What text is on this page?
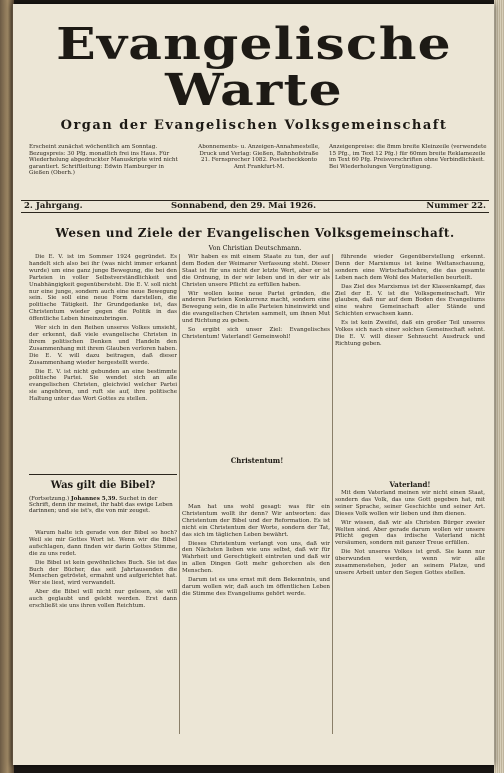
Evangelische Warte
Organ der Evangelischen Volksgemeinschaft
Erscheint zunächst wöchentlich am Sonntag. Bezugspreis: 30 Pfg. monatlich frei ins Haus. Für Wiederholung abgedruckter Manuskripte wird nicht garantiert. Schriftleitung: Edwin Hamburger in Gießen (Oberh.)
Abonnements- u. Anzeigen-Annahmestelle, Druck und Verlag: Gießen, Bahnhofstraße 21. Fernsprecher 1082. Postscheckkonto Amt Frankfurt-M.
Anzeigenpreise: die 8mm breite Kleinzeile (verwendete 15 Pfg., im Text 12 Pfg.) für 60mm breite Reklamezeile im Text 60 Pfg. Preisvorschriften ohne Verbindlichkeit. Bei Wiederholungen Vergünstigung.
2. Jahrgang.	Sonnabend, den 29. Mai 1926.	Nummer 22.
Wesen und Ziele der Evangelischen Volksgemeinschaft.
Von Christian Deutschmann.

Die E. V. ist im Sommer 1924 gegründet. Es handelt sich also bei ihr (was nicht immer erkannt wurde) um eine ganz junge Bewegung, die bei den Parteien in voller Selbstverständlichkeit und Unabhängigkeit gegenübersteht. Die E. V. soll nicht nur eine junge, sondern auch eine neue Bewegung sein. Sie soll eine neue Form darstellen, die politische Tätigkeit. Ihr Grundgedanke ist, das Christentum wieder gegen die Politik in das öffentliche Leben hineinzubringen.

Wer sich in den Reihen unseres Volkes umsieht, der erkennt, daß viele evangelische Christen in ihrem politischen Denken und Handeln den Zusammenhang mit ihrem Glauben verloren haben. Die E. V. will dazu beitragen, daß dieser Zusammenhang wieder hergestellt werde.

Die E. V. ist nicht gebunden an eine bestimmte politische Partei. Sie wendet sich an alle evangelischen Christen, gleichviel welcher Partei sie angehören, und ruft sie auf, ihre politische Haltung unter das Wort Gottes zu stellen.

Wir haben es mit einem Staate zu tun, der auf dem Boden der Weimarer Verfassung steht. Dieser Staat ist für uns nicht der letzte Wert, aber er ist die Ordnung, in der wir leben und in der wir als Christen unsere Pflicht zu erfüllen haben.

Wir wollen keine neue Partei gründen, die anderen Parteien Konkurrenz macht, sondern eine Bewegung sein, die in alle Parteien hineinwirkt und die evangelischen Christen sammelt, um ihnen Mut und Richtung zu geben.

So ergibt sich unser Ziel: Evangelisches Christentum! Vaterland! Gemeinwohl!

Christentum!

Man hat uns wohl gesagt: was für ein Christentum wollt ihr denn? Wir antworten: das Christentum der Bibel und der Reformation. Es ist nicht ein Christentum der Worte, sondern der Tat, das sich im täglichen Leben bewährt.

Dieses Christentum verlangt von uns, daß wir den Nächsten lieben wie uns selbst, daß wir für Wahrheit und Gerechtigkeit eintreten und daß wir in allen Dingen Gott mehr gehorchen als den Menschen.

Darum ist es uns ernst mit dem Bekenntnis, und darum wollen wir, daß auch im öffentlichen Leben die Stimme des Evangeliums gehört werde.

führende wieder Gegenüberstellung erkennt. Denn der Marxismus ist keine Weltanschauung, sondern eine Wirtschaftslehre, die das gesamte Leben nach dem Wohl des Materiellen beurteilt.

Das Ziel des Marxismus ist der Klassenkampf, das Ziel der E. V. ist die Volksgemeinschaft. Wir glauben, daß nur auf dem Boden des Evangeliums eine wahre Gemeinschaft aller Stände und Schichten erwachsen kann.

Es ist kein Zweifel, daß ein großer Teil unseres Volkes sich nach einer solchen Gemeinschaft sehnt. Die E. V. will dieser Sehnsucht Ausdruck und Richtung geben.

Vaterland!

Mit dem Vaterland meinen wir nicht einen Staat, sondern das Volk, das uns Gott gegeben hat, mit seiner Sprache, seiner Geschichte und seiner Art. Dieses Volk wollen wir lieben und ihm dienen.

Wir wissen, daß wir als Christen Bürger zweier Welten sind. Aber gerade darum wollen wir unsere Pflicht gegen das irdische Vaterland nicht versäumen, sondern mit ganzer Treue erfüllen.

Die Not unseres Volkes ist groß. Sie kann nur überwunden werden, wenn wir alle zusammenstehen, jeder an seinem Platze, und unsere Arbeit unter den Segen Gottes stellen.

Was gilt die Bibel?
(Fortsetzung.) Johannes 5,39. Suchet in der Schrift, denn ihr meinet, ihr habt das ewige Leben darinnen; und sie ist's, die von mir zeuget.

Warum halte ich gerade von der Bibel so hoch? Weil sie mir Gottes Wort ist. Wenn wir die Bibel aufschlagen, dann finden wir darin Gottes Stimme, die zu uns redet.

Die Bibel ist kein gewöhnliches Buch. Sie ist das Buch der Bücher, das seit Jahrtausenden die Menschen getröstet, ermahnt und aufgerichtet hat. Wer sie liest, wird verwandelt.

Aber die Bibel will nicht nur gelesen, sie will auch geglaubt und gelebt werden. Erst dann erschließt sie uns ihren vollen Reichtum.
